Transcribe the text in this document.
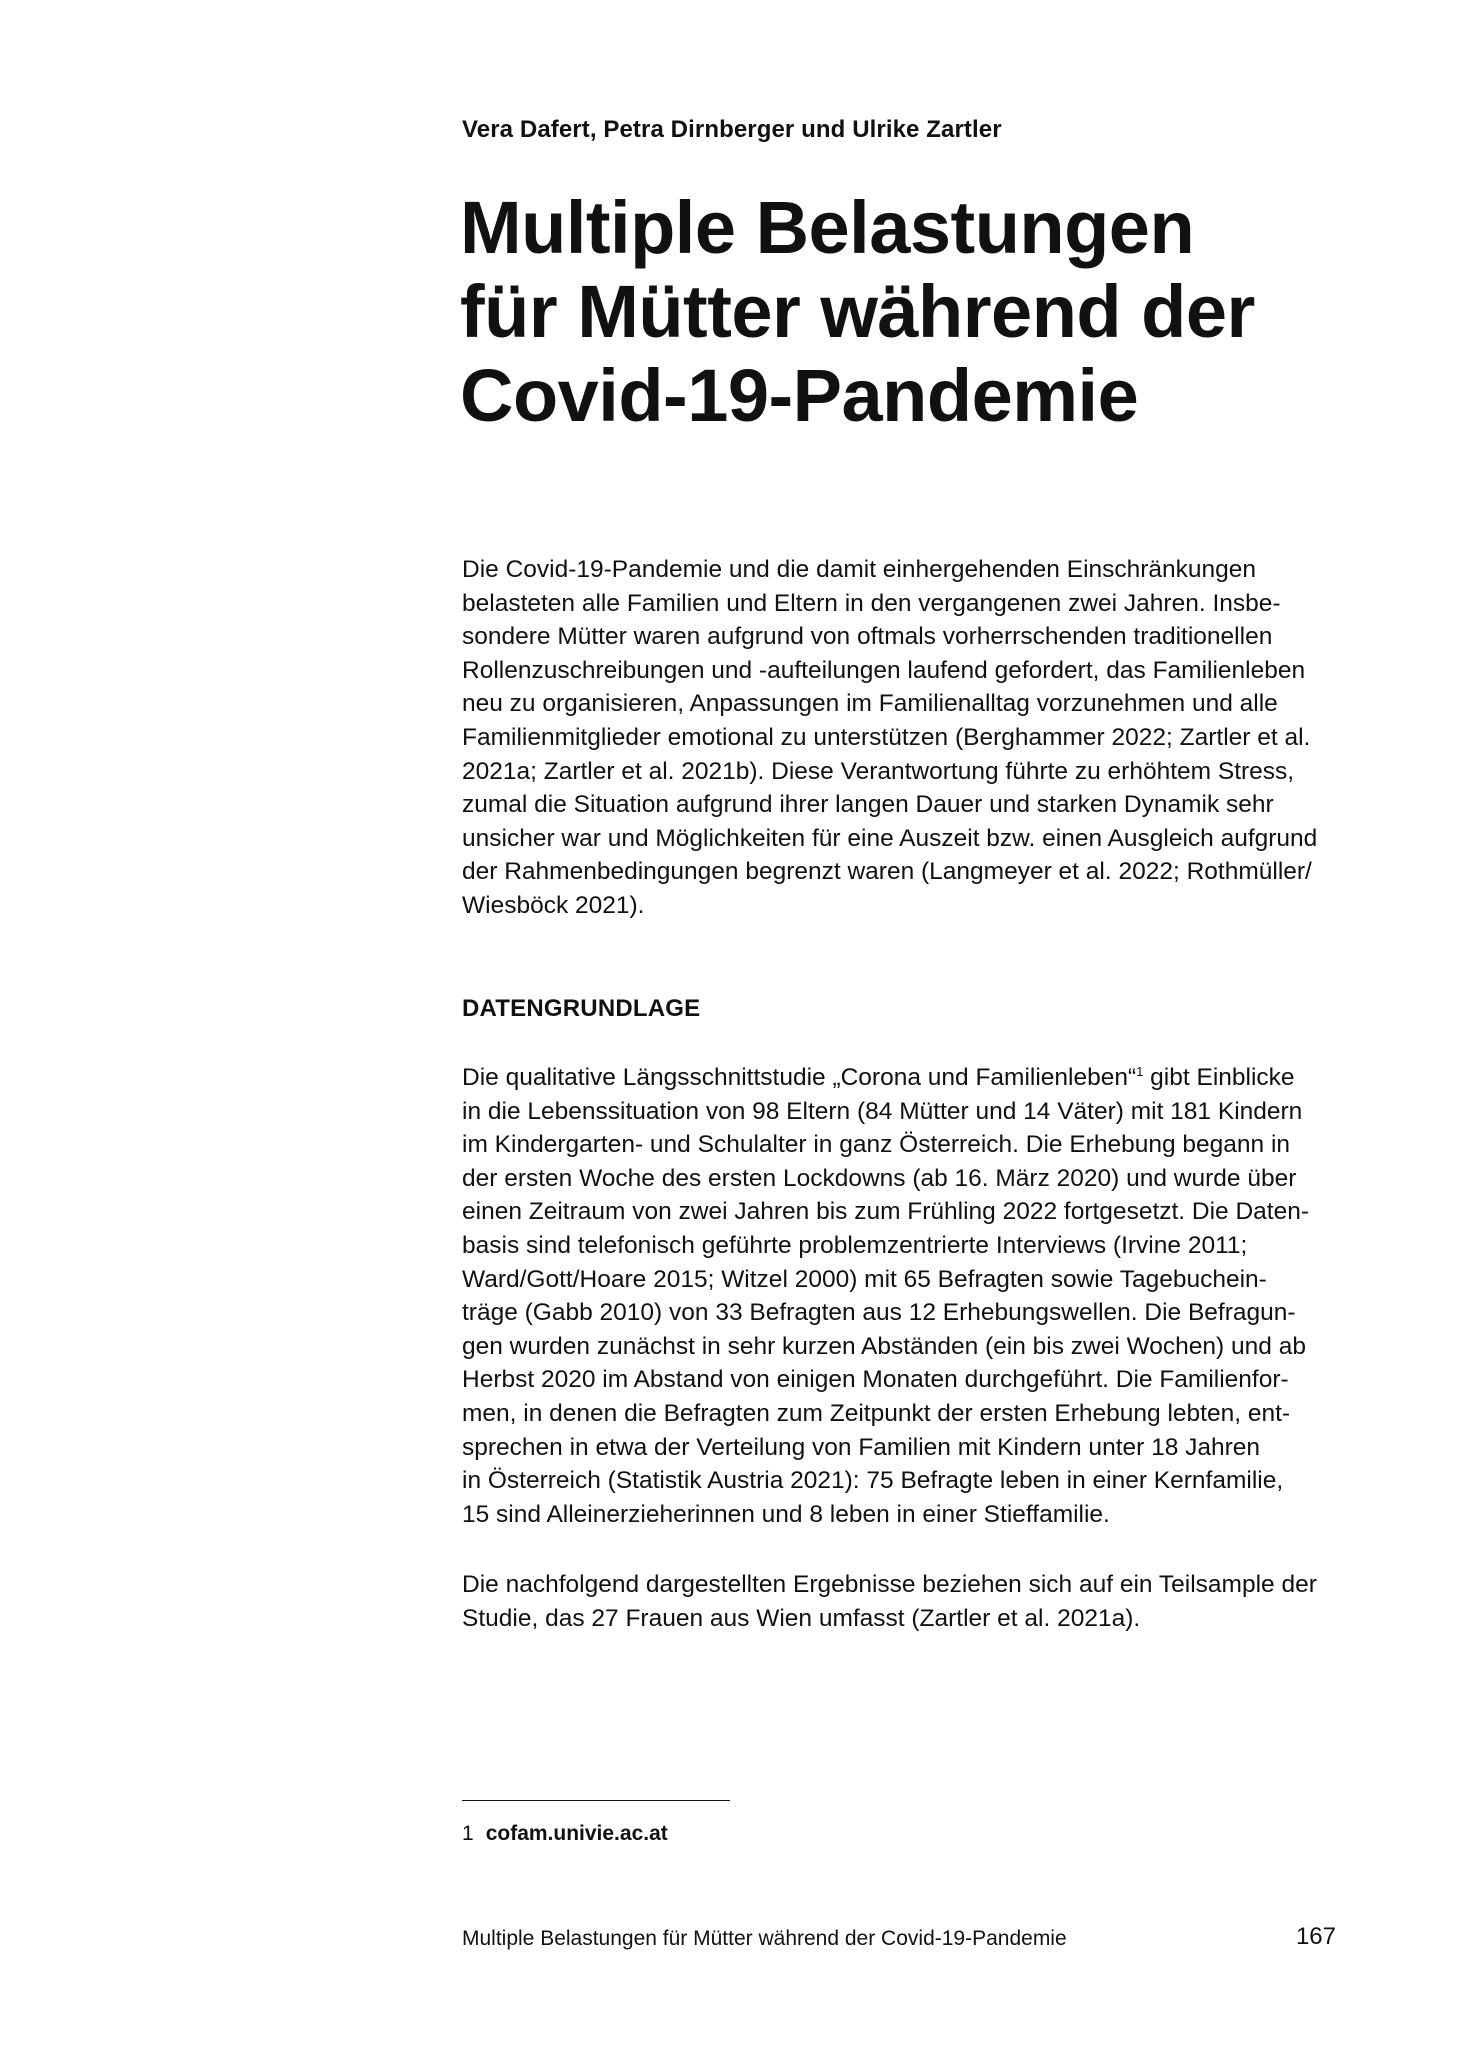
Vera Dafert, Petra Dirnberger und Ulrike Zartler
Multiple Belastungen
für Mütter während der
Covid-19-Pandemie
Die Covid-19-Pandemie und die damit einhergehenden Einschränkungen
belasteten alle Familien und Eltern in den vergangenen zwei Jahren. Insbe-
sondere Mütter waren aufgrund von oftmals vorherrschenden traditionellen
Rollenzuschreibungen und -aufteilungen laufend gefordert, das Familienleben
neu zu organisieren, Anpassungen im Familienalltag vorzunehmen und alle
Familienmitglieder emotional zu unterstützen (Berghammer 2022; Zartler et al.
2021a; Zartler et al. 2021b). Diese Verantwortung führte zu erhöhtem Stress,
zumal die Situation aufgrund ihrer langen Dauer und starken Dynamik sehr
unsicher war und Möglichkeiten für eine Auszeit bzw. einen Ausgleich aufgrund
der Rahmenbedingungen begrenzt waren (Langmeyer et al. 2022; Rothmüller/
Wiesböck 2021).
DATENGRUNDLAGE
Die qualitative Längsschnittstudie „Corona und Familienleben“$^1$ gibt Einblicke
in die Lebenssituation von 98 Eltern (84 Mütter und 14 Väter) mit 181 Kindern
im Kindergarten- und Schulalter in ganz Österreich. Die Erhebung begann in
der ersten Woche des ersten Lockdowns (ab 16. März 2020) und wurde über
einen Zeitraum von zwei Jahren bis zum Frühling 2022 fortgesetzt. Die Daten-
basis sind telefonisch geführte problemzentrierte Interviews (Irvine 2011;
Ward/Gott/Hoare 2015; Witzel 2000) mit 65 Befragten sowie Tagebuchein-
träge (Gabb 2010) von 33 Befragten aus 12 Erhebungswellen. Die Befragun-
gen wurden zunächst in sehr kurzen Abständen (ein bis zwei Wochen) und ab
Herbst 2020 im Abstand von einigen Monaten durchgeführt. Die Familienfor-
men, in denen die Befragten zum Zeitpunkt der ersten Erhebung lebten, ent-
sprechen in etwa der Verteilung von Familien mit Kindern unter 18 Jahren
in Österreich (Statistik Austria 2021): 75 Befragte leben in einer Kernfamilie,
15 sind Alleinerzieherinnen und 8 leben in einer Stieffamilie.
Die nachfolgend dargestellten Ergebnisse beziehen sich auf ein Teilsample der
Studie, das 27 Frauen aus Wien umfasst (Zartler et al. 2021a).
1 cofam.univie.ac.at
Multiple Belastungen für Mütter während der Covid-19-Pandemie	167
